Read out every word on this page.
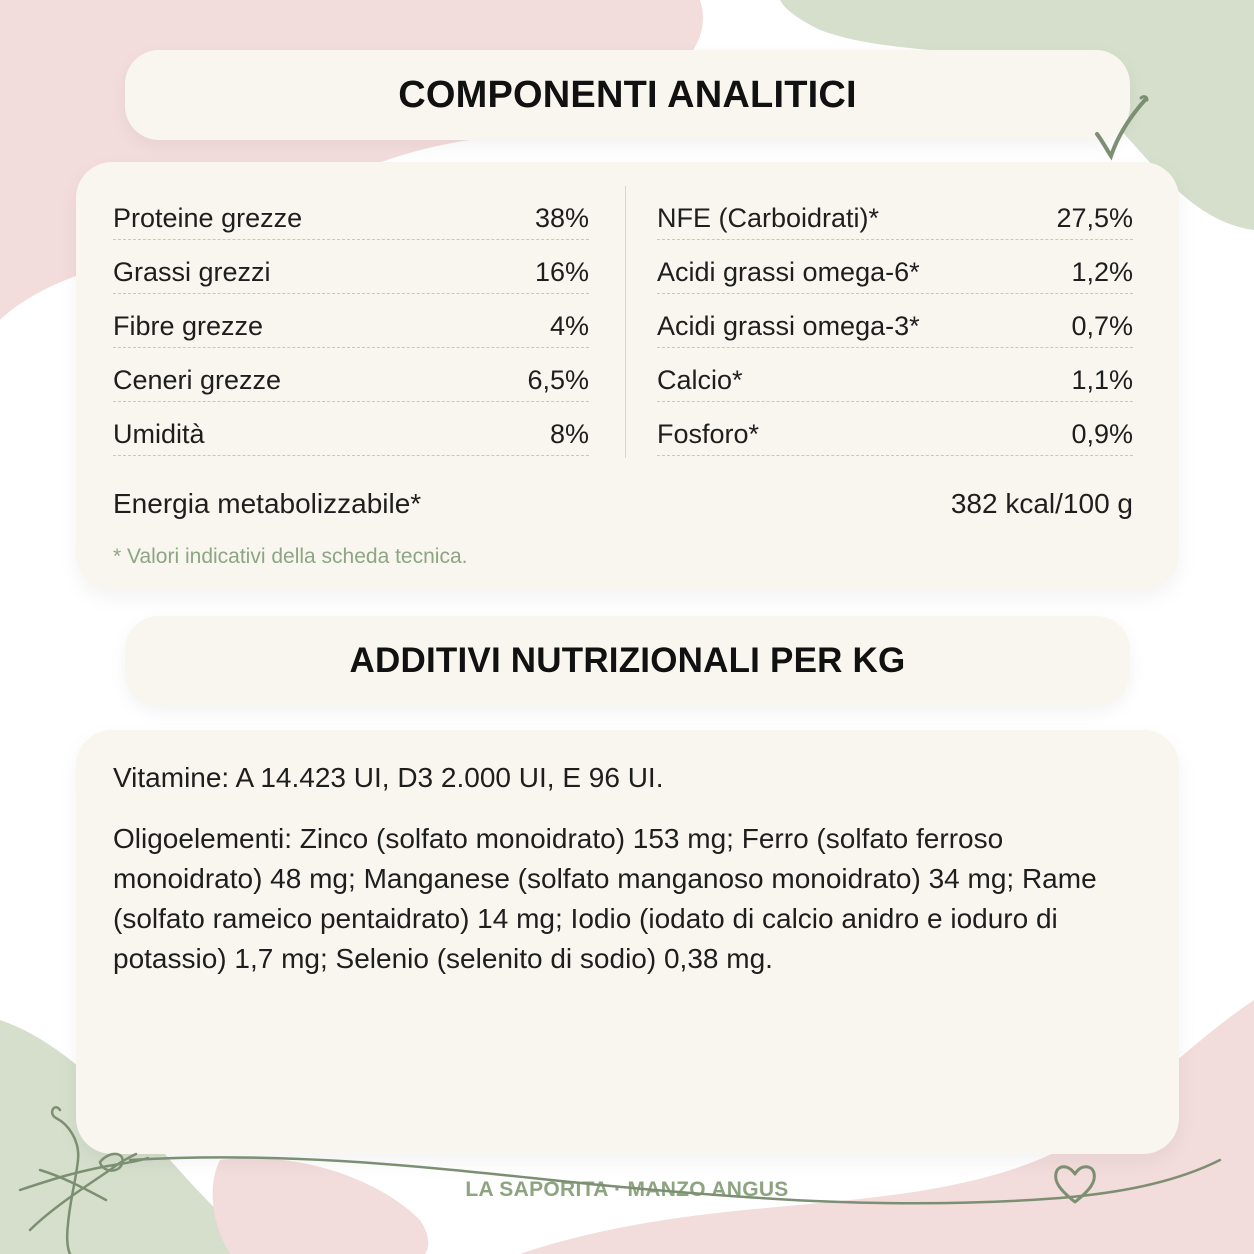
COMPONENTI ANALITICI
Proteine grezze	38%
Grassi grezzi	16%
Fibre grezze	4%
Ceneri grezze	6,5%
Umidità	8%
NFE (Carboidrati)*	27,5%
Acidi grassi omega-6*	1,2%
Acidi grassi omega-3*	0,7%
Calcio*	1,1%
Fosforo*	0,9%
Energia metabolizzabile*	382 kcal/100 g
* Valori indicativi della scheda tecnica.
ADDITIVI NUTRIZIONALI PER KG

Vitamine: A 14.423 UI, D3 2.000 UI, E 96 UI.

Oligoelementi: Zinco (solfato monoidrato) 153 mg; Ferro (solfato ferroso monoidrato) 48 mg; Manganese (solfato manganoso monoidrato) 34 mg; Rame (solfato rameico pentaidrato) 14 mg; Iodio (iodato di calcio anidro e ioduro di potassio) 1,7 mg; Selenio (selenito di sodio) 0,38 mg.

LA SAPORITA · MANZO ANGUS
